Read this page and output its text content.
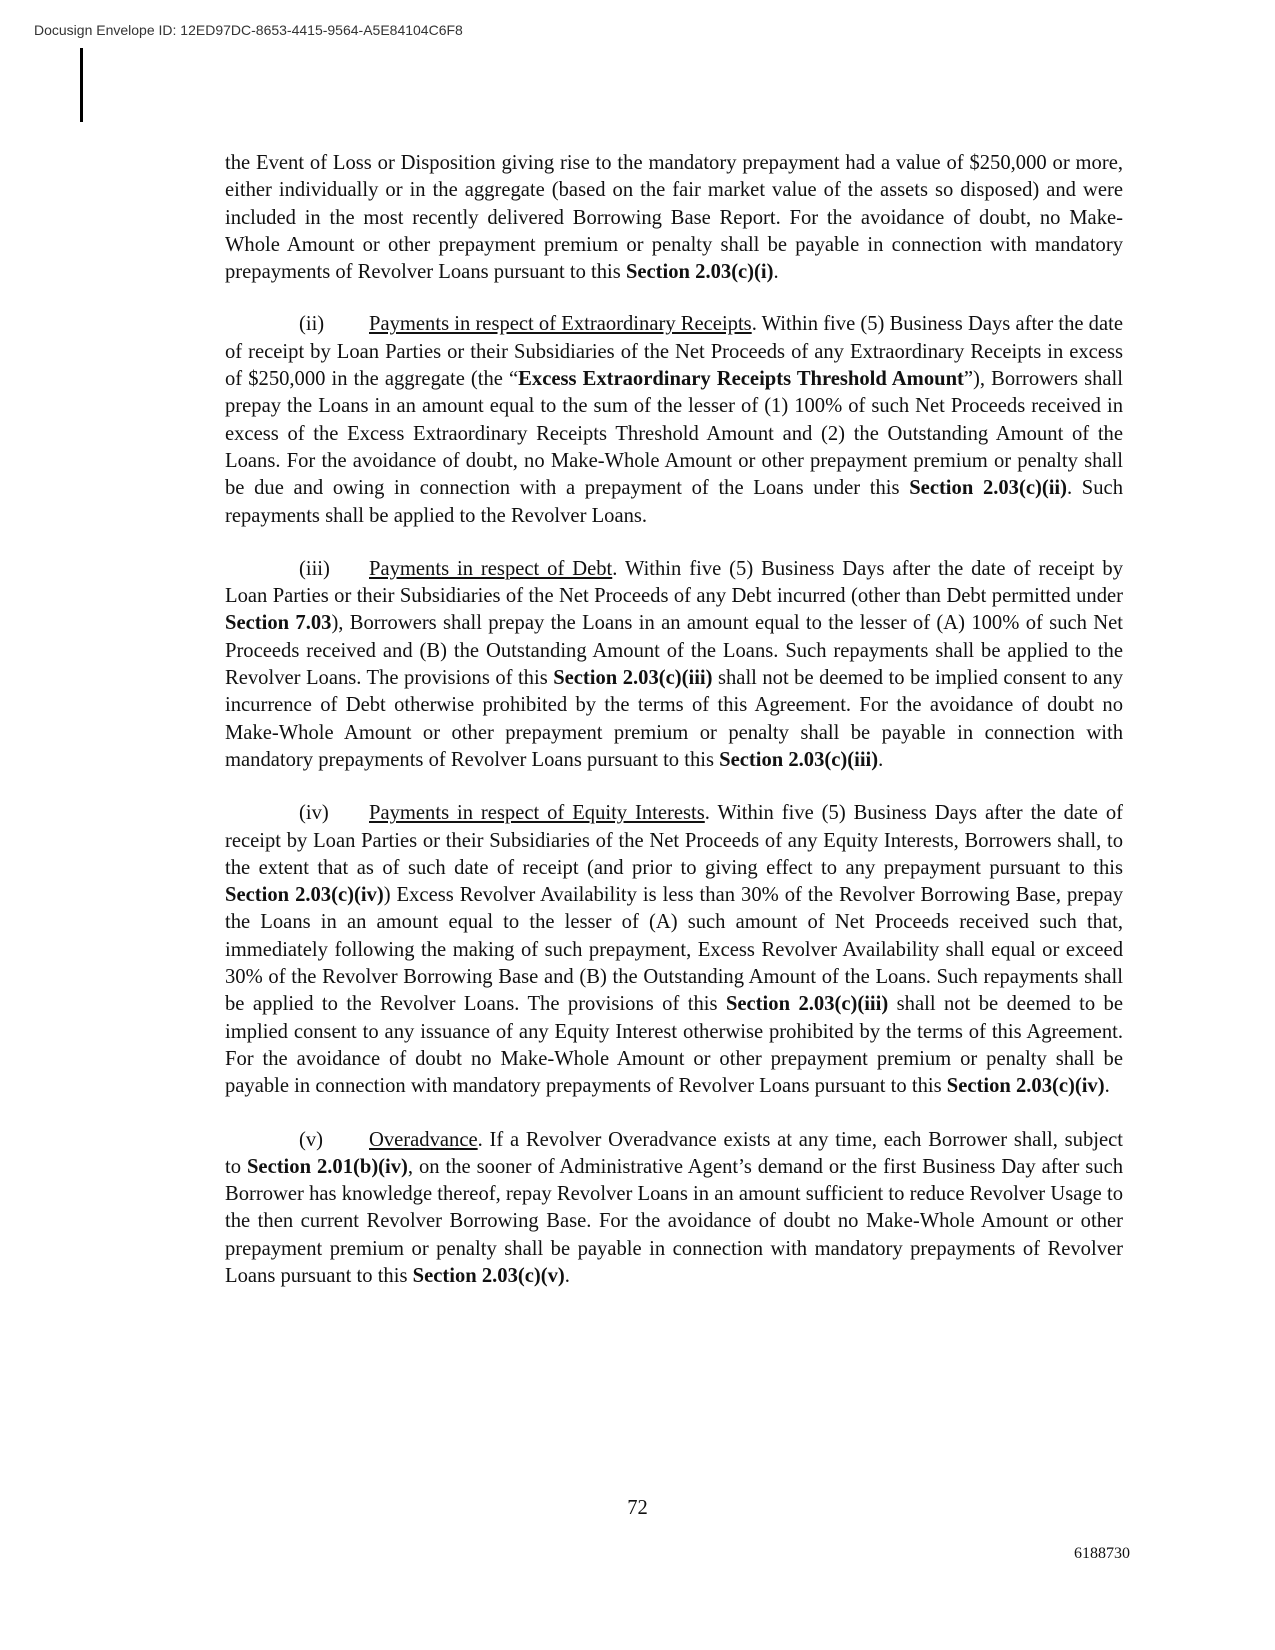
Docusign Envelope ID: 12ED97DC-8653-4415-9564-A5E84104C6F8

the Event of Loss or Disposition giving rise to the mandatory prepayment had a value of $250,000 or more, either individually or in the aggregate (based on the fair market value of the assets so disposed) and were included in the most recently delivered Borrowing Base Report. For the avoidance of doubt, no Make-Whole Amount or other prepayment premium or penalty shall be payable in connection with mandatory prepayments of Revolver Loans pursuant to this Section 2.03(c)(i).

(ii) Payments in respect of Extraordinary Receipts. Within five (5) Business Days after the date of receipt by Loan Parties or their Subsidiaries of the Net Proceeds of any Extraordinary Receipts in excess of $250,000 in the aggregate (the “Excess Extraordinary Receipts Threshold Amount”), Borrowers shall prepay the Loans in an amount equal to the sum of the lesser of (1) 100% of such Net Proceeds received in excess of the Excess Extraordinary Receipts Threshold Amount and (2) the Outstanding Amount of the Loans. For the avoidance of doubt, no Make-Whole Amount or other prepayment premium or penalty shall be due and owing in connection with a prepayment of the Loans under this Section 2.03(c)(ii). Such repayments shall be applied to the Revolver Loans.

(iii) Payments in respect of Debt. Within five (5) Business Days after the date of receipt by Loan Parties or their Subsidiaries of the Net Proceeds of any Debt incurred (other than Debt permitted under Section 7.03), Borrowers shall prepay the Loans in an amount equal to the lesser of (A) 100% of such Net Proceeds received and (B) the Outstanding Amount of the Loans. Such repayments shall be applied to the Revolver Loans. The provisions of this Section 2.03(c)(iii) shall not be deemed to be implied consent to any incurrence of Debt otherwise prohibited by the terms of this Agreement. For the avoidance of doubt no Make-Whole Amount or other prepayment premium or penalty shall be payable in connection with mandatory prepayments of Revolver Loans pursuant to this Section 2.03(c)(iii).

(iv) Payments in respect of Equity Interests. Within five (5) Business Days after the date of receipt by Loan Parties or their Subsidiaries of the Net Proceeds of any Equity Interests, Borrowers shall, to the extent that as of such date of receipt (and prior to giving effect to any prepayment pursuant to this Section 2.03(c)(iv)) Excess Revolver Availability is less than 30% of the Revolver Borrowing Base, prepay the Loans in an amount equal to the lesser of (A) such amount of Net Proceeds received such that, immediately following the making of such prepayment, Excess Revolver Availability shall equal or exceed 30% of the Revolver Borrowing Base and (B) the Outstanding Amount of the Loans. Such repayments shall be applied to the Revolver Loans. The provisions of this Section 2.03(c)(iii) shall not be deemed to be implied consent to any issuance of any Equity Interest otherwise prohibited by the terms of this Agreement. For the avoidance of doubt no Make-Whole Amount or other prepayment premium or penalty shall be payable in connection with mandatory prepayments of Revolver Loans pursuant to this Section 2.03(c)(iv).

(v) Overadvance. If a Revolver Overadvance exists at any time, each Borrower shall, subject to Section 2.01(b)(iv), on the sooner of Administrative Agent’s demand or the first Business Day after such Borrower has knowledge thereof, repay Revolver Loans in an amount sufficient to reduce Revolver Usage to the then current Revolver Borrowing Base. For the avoidance of doubt no Make-Whole Amount or other prepayment premium or penalty shall be payable in connection with mandatory prepayments of Revolver Loans pursuant to this Section 2.03(c)(v).

72
6188730
